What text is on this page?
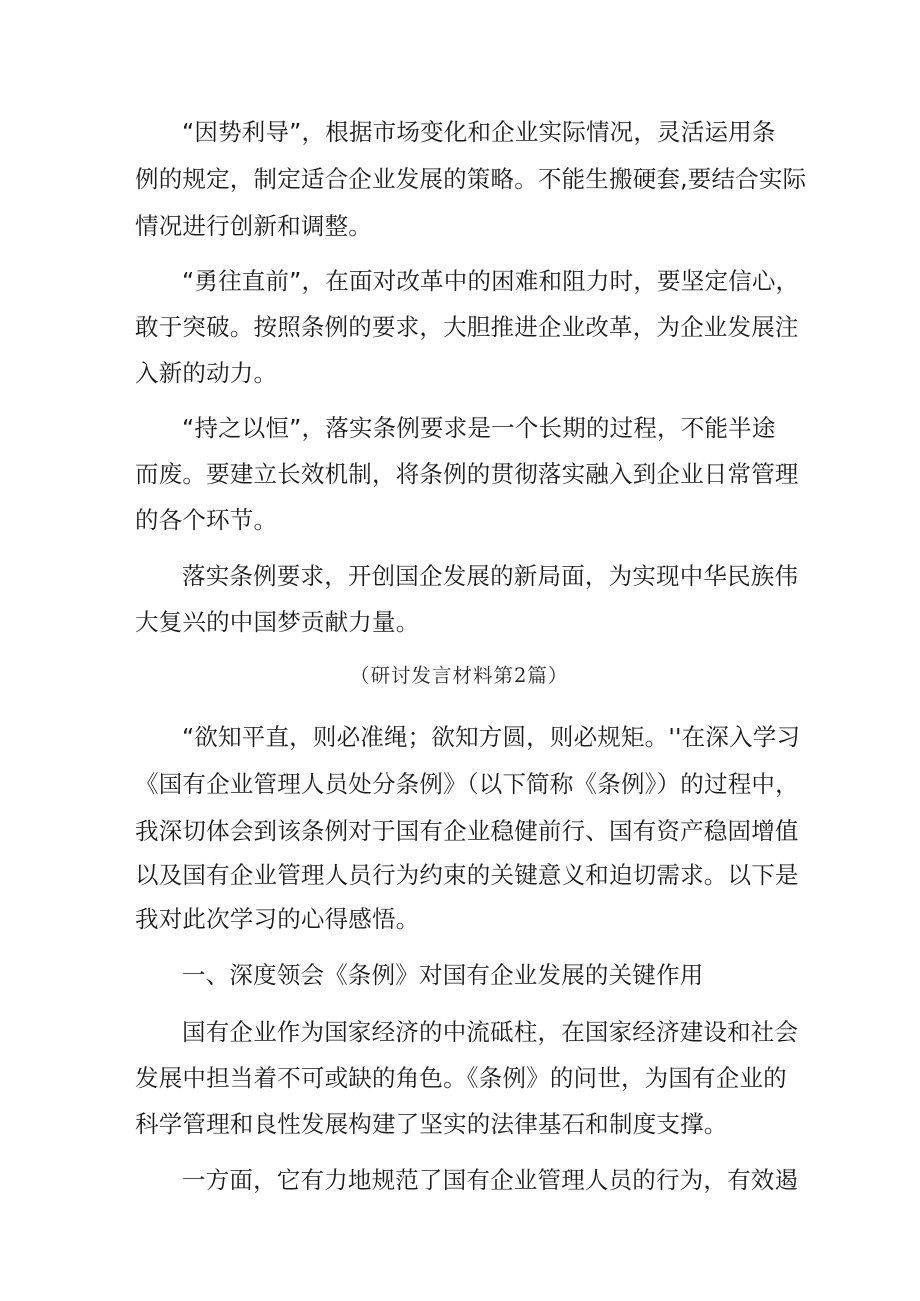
“因势利导”，根据市场变化和企业实际情况，灵活运用条
例的规定，制定适合企业发展的策略。不能生搬硬套,要结合实际
情况进行创新和调整。
“勇往直前”，在面对改革中的困难和阻力时，要坚定信心，
敢于突破。按照条例的要求，大胆推进企业改革，为企业发展注
入新的动力。
“持之以恒”，落实条例要求是一个长期的过程，不能半途
而废。要建立长效机制，将条例的贯彻落实融入到企业日常管理
的各个环节。
落实条例要求，开创国企发展的新局面，为实现中华民族伟
大复兴的中国梦贡献力量。
（研讨发言材料第2篇）
“欲知平直，则必准绳；欲知方圆，则必规矩。''在深入学习
《国有企业管理人员处分条例》（以下简称《条例》）的过程中，
我深切体会到该条例对于国有企业稳健前行、国有资产稳固增值
以及国有企业管理人员行为约束的关键意义和迫切需求。以下是
我对此次学习的心得感悟。
一、深度领会《条例》对国有企业发展的关键作用
国有企业作为国家经济的中流砥柱，在国家经济建设和社会
发展中担当着不可或缺的角色。《条例》的问世，为国有企业的
科学管理和良性发展构建了坚实的法律基石和制度支撑。
一方面，它有力地规范了国有企业管理人员的行为，有效遏
